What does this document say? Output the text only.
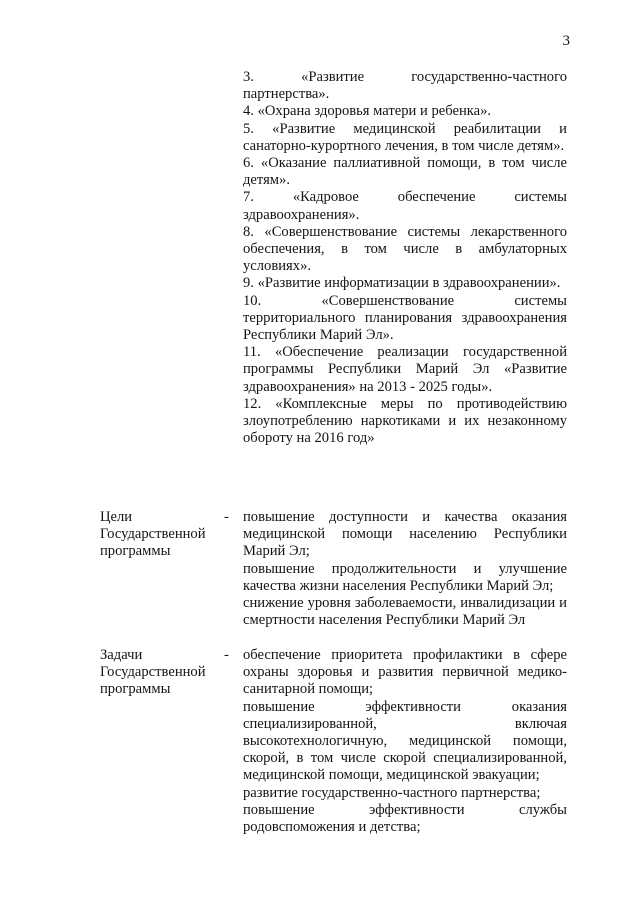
3

3. «Развитие государственно-частного партнерства».

4. «Охрана здоровья матери и ребенка».

5. «Развитие медицинской реабилитации и санаторно-курортного лечения, в том числе детям».

6. «Оказание паллиативной помощи, в том числе детям».

7. «Кадровое обеспечение системы здравоохранения».

8. «Совершенствование системы лекарственного обеспечения, в том числе в амбулаторных условиях».

9. «Развитие информатизации в здравоохранении».

10. «Совершенствование системы территориального планирования здравоохранения Республики Марий Эл».

11. «Обеспечение реализации государственной программы Республики Марий Эл «Развитие здравоохранения» на 2013 - 2025 годы».

12. «Комплексные меры по противодействию злоупотреблению наркотиками и их незаконному обороту на 2016 год»

Цели
Государственной
программы
- повышение доступности и качества оказания медицинской помощи населению Республики Марий Эл;

повышение продолжительности и улучшение качества жизни населения Республики Марий Эл;

снижение уровня заболеваемости, инвалидизации и смертности населения Республики Марий Эл

Задачи
Государственной
программы
- обеспечение приоритета профилактики в сфере охраны здоровья и развития первичной медико-санитарной помощи;

повышение эффективности оказания специализированной, включая высокотехнологичную, медицинской помощи, скорой, в том числе скорой специализированной, медицинской помощи, медицинской эвакуации;

развитие государственно-частного партнерства;

повышение эффективности службы родовспоможения и детства;
